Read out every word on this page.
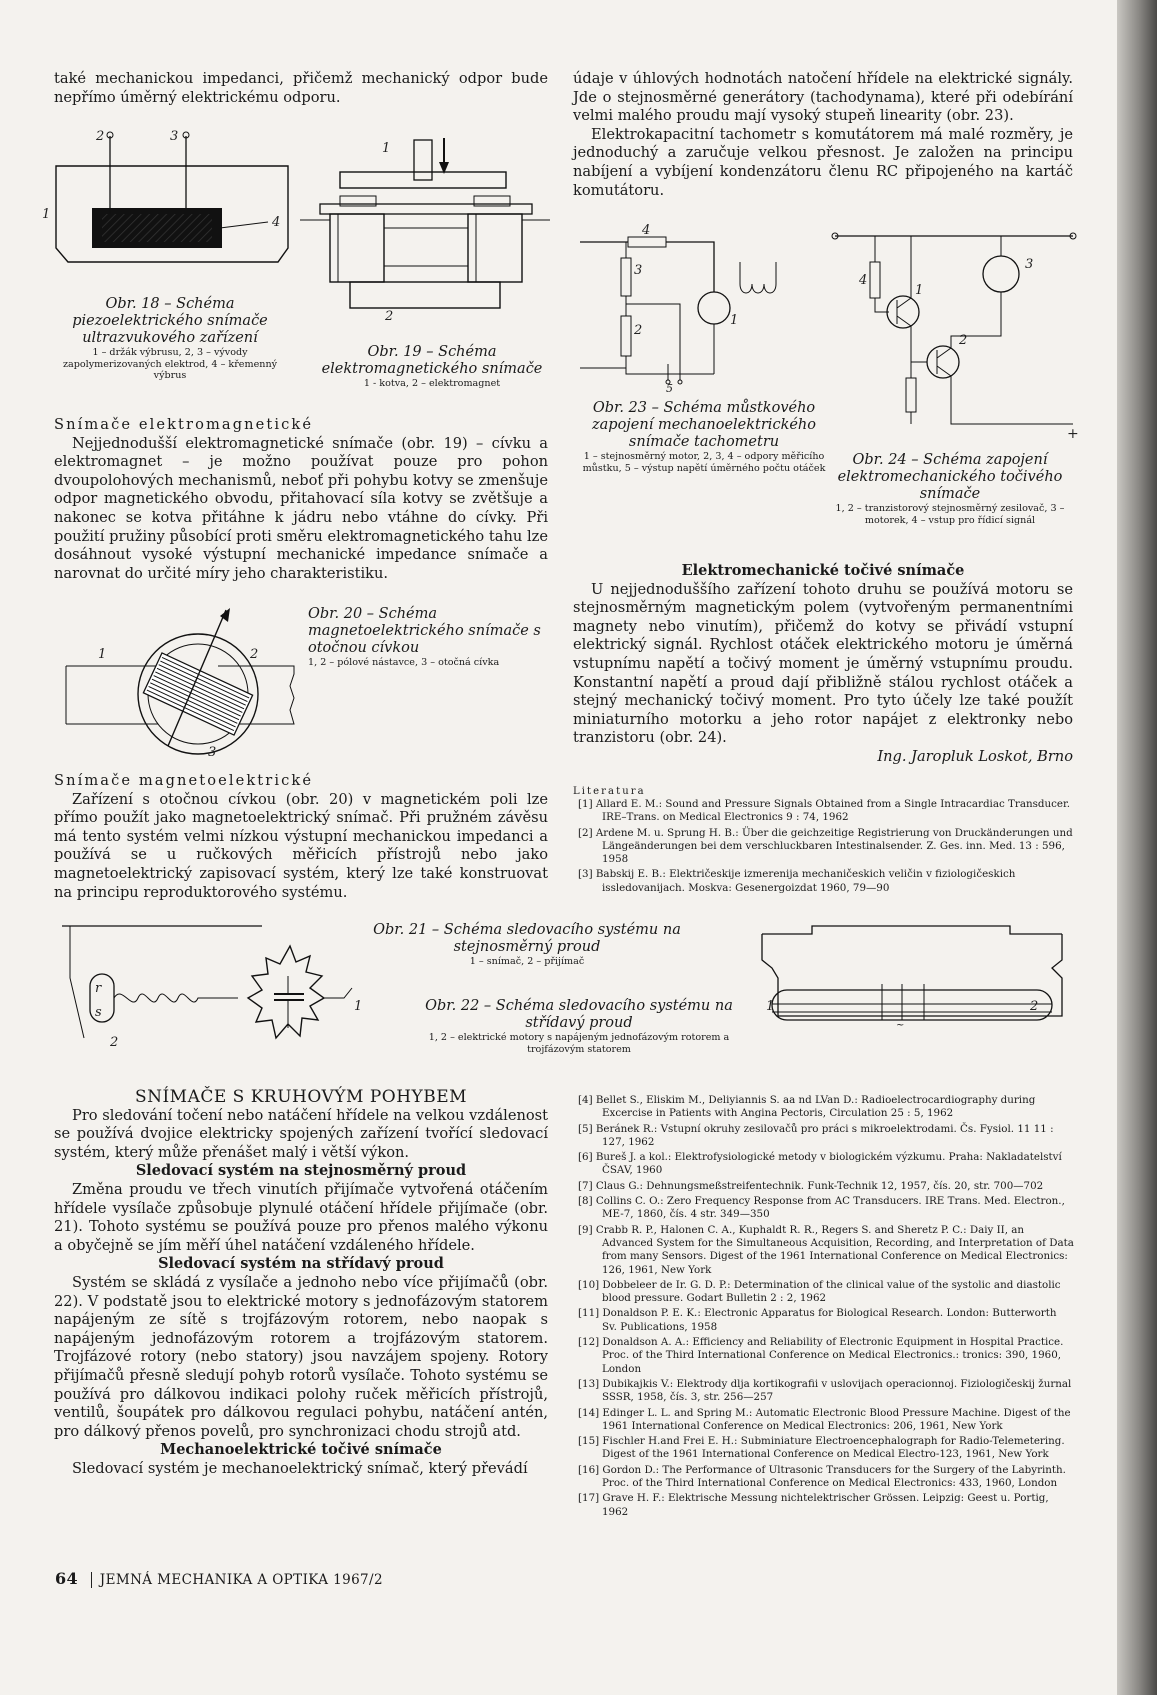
také mechanickou impedanci, přičemž mechanický odpor bude nepřímo úměrný elektrickému odporu.

2	3
1
4
Obr. 18 – Schéma piezoelektrického snímače ultrazvukového zařízení
1 – držák výbrusu, 2, 3 – vývody zapolymerizovaných elektrod, 4 – křemenný výbrus
1
2
Obr. 19 – Schéma elektromagnetického snímače
1 - kotva, 2 – elektromagnet

Snímače elektromagnetické

Nejjednodušší elektromagnetické snímače (obr. 19) – cívku a elektromagnet – je možno používat pouze pro pohon dvoupolohových mechanismů, neboť při pohybu kotvy se zmenšuje odpor magnetického obvodu, přitahovací síla kotvy se zvětšuje a nakonec se kotva přitáhne k jádru nebo vtáhne do cívky. Při použití pružiny působící proti směru elektromagnetického tahu lze dosáhnout vysoké výstupní mechanické impedance snímače a narovnat do určité míry jeho charakteristiku.

1	2
3
Obr. 20 – Schéma magnetoelektrického snímače s otočnou cívkou
1, 2 – pólové nástavce, 3 – otočná cívka

Snímače magnetoelektrické

Zařízení s otočnou cívkou (obr. 20) v magnetickém poli lze přímo použít jako magnetoelektrický snímač. Při pružném závěsu má tento systém velmi nízkou výstupní mechanickou impedanci a používá se u ručkových měřicích přístrojů nebo jako magnetoelektrický zapisovací systém, který lze také konstruovat na principu reproduktorového systému.

r
s
2
1
Obr. 21 – Schéma sledovacího systému na stejnosměrný proud
1 – snímač, 2 – přijímač
Obr. 22 – Schéma sledovacího systému na střídavý proud
1, 2 – elektrické motory s napájeným jednofázovým rotorem a trojfázovým statorem
~
1	2

SNÍMAČE S KRUHOVÝM POHYBEM

Pro sledování točení nebo natáčení hřídele na velkou vzdálenost se používá dvojice elektricky spojených zařízení tvořící sledovací systém, který může přenášet malý i větší výkon.

Sledovací systém na stejnosměrný proud

Změna proudu ve třech vinutích přijímače vytvořená otáčením hřídele vysílače způsobuje plynulé otáčení hřídele přijímače (obr. 21). Tohoto systému se používá pouze pro přenos malého výkonu a obyčejně se jím měří úhel natáčení vzdáleného hřídele.

Sledovací systém na střídavý proud

Systém se skládá z vysílače a jednoho nebo více přijímačů (obr. 22). V podstatě jsou to elektrické motory s jednofázovým statorem napájeným ze sítě s trojfázovým rotorem, nebo naopak s napájeným jednofázovým rotorem a trojfázovým statorem. Trojfázové rotory (nebo statory) jsou navzájem spojeny. Rotory přijímačů přesně sledují pohyb rotorů vysílače. Tohoto systému se používá pro dálkovou indikaci polohy ruček měřicích přístrojů, ventilů, šoupátek pro dálkovou regulaci pohybu, natáčení antén, pro dálkový přenos povelů, pro synchronizaci chodu strojů atd.

Mechanoelektrické točivé snímače

Sledovací systém je mechanoelektrický snímač, který převádí

údaje v úhlových hodnotách natočení hřídele na elektrické signály. Jde o stejnosměrné generátory (tachodynama), které při odebírání velmi malého proudu mají vysoký stupeň linearity (obr. 23).

Elektrokapacitní tachometr s komutátorem má malé rozměry, je jednoduchý a zaručuje velkou přesnost. Je založen na principu nabíjení a vybíjení kondenzátoru členu RC připojeného na kartáč komutátoru.

4
3
2
5
1
Obr. 23 – Schéma můstkového zapojení mechanoelektrického snímače tachometru
1 – stejnosměrný motor, 2, 3, 4 – odpory měřicího můstku, 5 – výstup napětí úměrného počtu otáček
4
1
2
3
+
Obr. 24 – Schéma zapojení elektromechanického točivého snímače
1, 2 – tranzistorový stejnosměrný zesilovač, 3 – motorek, 4 – vstup pro řídicí signál

Elektromechanické točivé snímače

U nejjednoduššího zařízení tohoto druhu se používá motoru se stejnosměrným magnetickým polem (vytvořeným permanentními magnety nebo vinutím), přičemž do kotvy se přivádí vstupní elektrický signál. Rychlost otáček elektrického motoru je úměrná vstupnímu napětí a točivý moment je úměrný vstupnímu proudu. Konstantní napětí a proud dají přibližně stálou rychlost otáček a stejný mechanický točivý moment. Pro tyto účely lze také použít miniaturního motorku a jeho rotor napájet z elektronky nebo tranzistoru (obr. 24).

Ing. Jaropluk Loskot, Brno

Literatura

[1] Allard E. M.: Sound and Pressure Signals Obtained from a Single Intracardiac Transducer. IRE–Trans. on Medical Electronics 9 : 74, 1962
[2] Ardene M. u. Sprung H. B.: Über die geichzeitige Registrierung von Druckänderungen und Längeänderungen bei dem verschluckbaren Intestinalsender. Z. Ges. inn. Med. 13 : 596, 1958
[3] Babskij E. B.: Električeskije izmerenija mechaničeskich veličin v fiziologičeskich issledovanijach. Moskva: Gesenergoizdat 1960, 79—90
[4] Bellet S., Eliskim M., Deliyiannis S. aa nd LVan D.: Radioelectrocardiography during Excercise in Patients with Angina Pectoris, Circulation 25 : 5, 1962
[5] Beránek R.: Vstupní okruhy zesilovačů pro práci s mikroelektrodami. Čs. Fysiol. 11 11 : 127, 1962
[6] Bureš J. a kol.: Elektrofysiologické metody v biologickém výzkumu. Praha: Nakladatelství ČSAV, 1960
[7] Claus G.: Dehnungsmeßstreifentechnik. Funk-Technik 12, 1957, čís. 20, str. 700—702
[8] Collins C. O.: Zero Frequency Response from AC Transducers. IRE Trans. Med. Electron., ME-7, 1860, čís. 4 str. 349—350
[9] Crabb R. P., Halonen C. A., Kuphaldt R. R., Regers S. and Sheretz P. C.: Daiy II, an Advanced System for the Simultaneous Acquisition, Recording, and Interpretation of Data from many Sensors. Digest of the 1961 International Conference on Medical Electronics: 126, 1961, New York
[10] Dobbeleer de Ir. G. D. P.: Determination of the clinical value of the systolic and diastolic blood pressure. Godart Bulletin 2 : 2, 1962
[11] Donaldson P. E. K.: Electronic Apparatus for Biological Research. London: Butterworth Sv. Publications, 1958
[12] Donaldson A. A.: Efficiency and Reliability of Electronic Equipment in Hospital Practice. Proc. of the Third International Conference on Medical Electronics.: tronics: 390, 1960, London
[13] Dubikajkis V.: Elektrody dlja kortikografii v uslovijach operacionnoj. Fiziologičeskij žurnal SSSR, 1958, čís. 3, str. 256—257
[14] Edinger L. L. and Spring M.: Automatic Electronic Blood Pressure Machine. Digest of the 1961 International Conference on Medical Electronics: 206, 1961, New York
[15] Fischler H.and Frei E. H.: Subminiature Electroencephalograph for Radio-Telemetering. Digest of the 1961 International Conference on Medical Electro-123, 1961, New York
[16] Gordon D.: The Performance of Ultrasonic Transducers for the Surgery of the Labyrinth. Proc. of the Third International Conference on Medical Electronics: 433, 1960, London
[17] Grave H. F.: Elektrische Messung nichtelektrischer Grössen. Leipzig: Geest u. Portig, 1962
64 JEMNÁ MECHANIKA A OPTIKA 1967/2
